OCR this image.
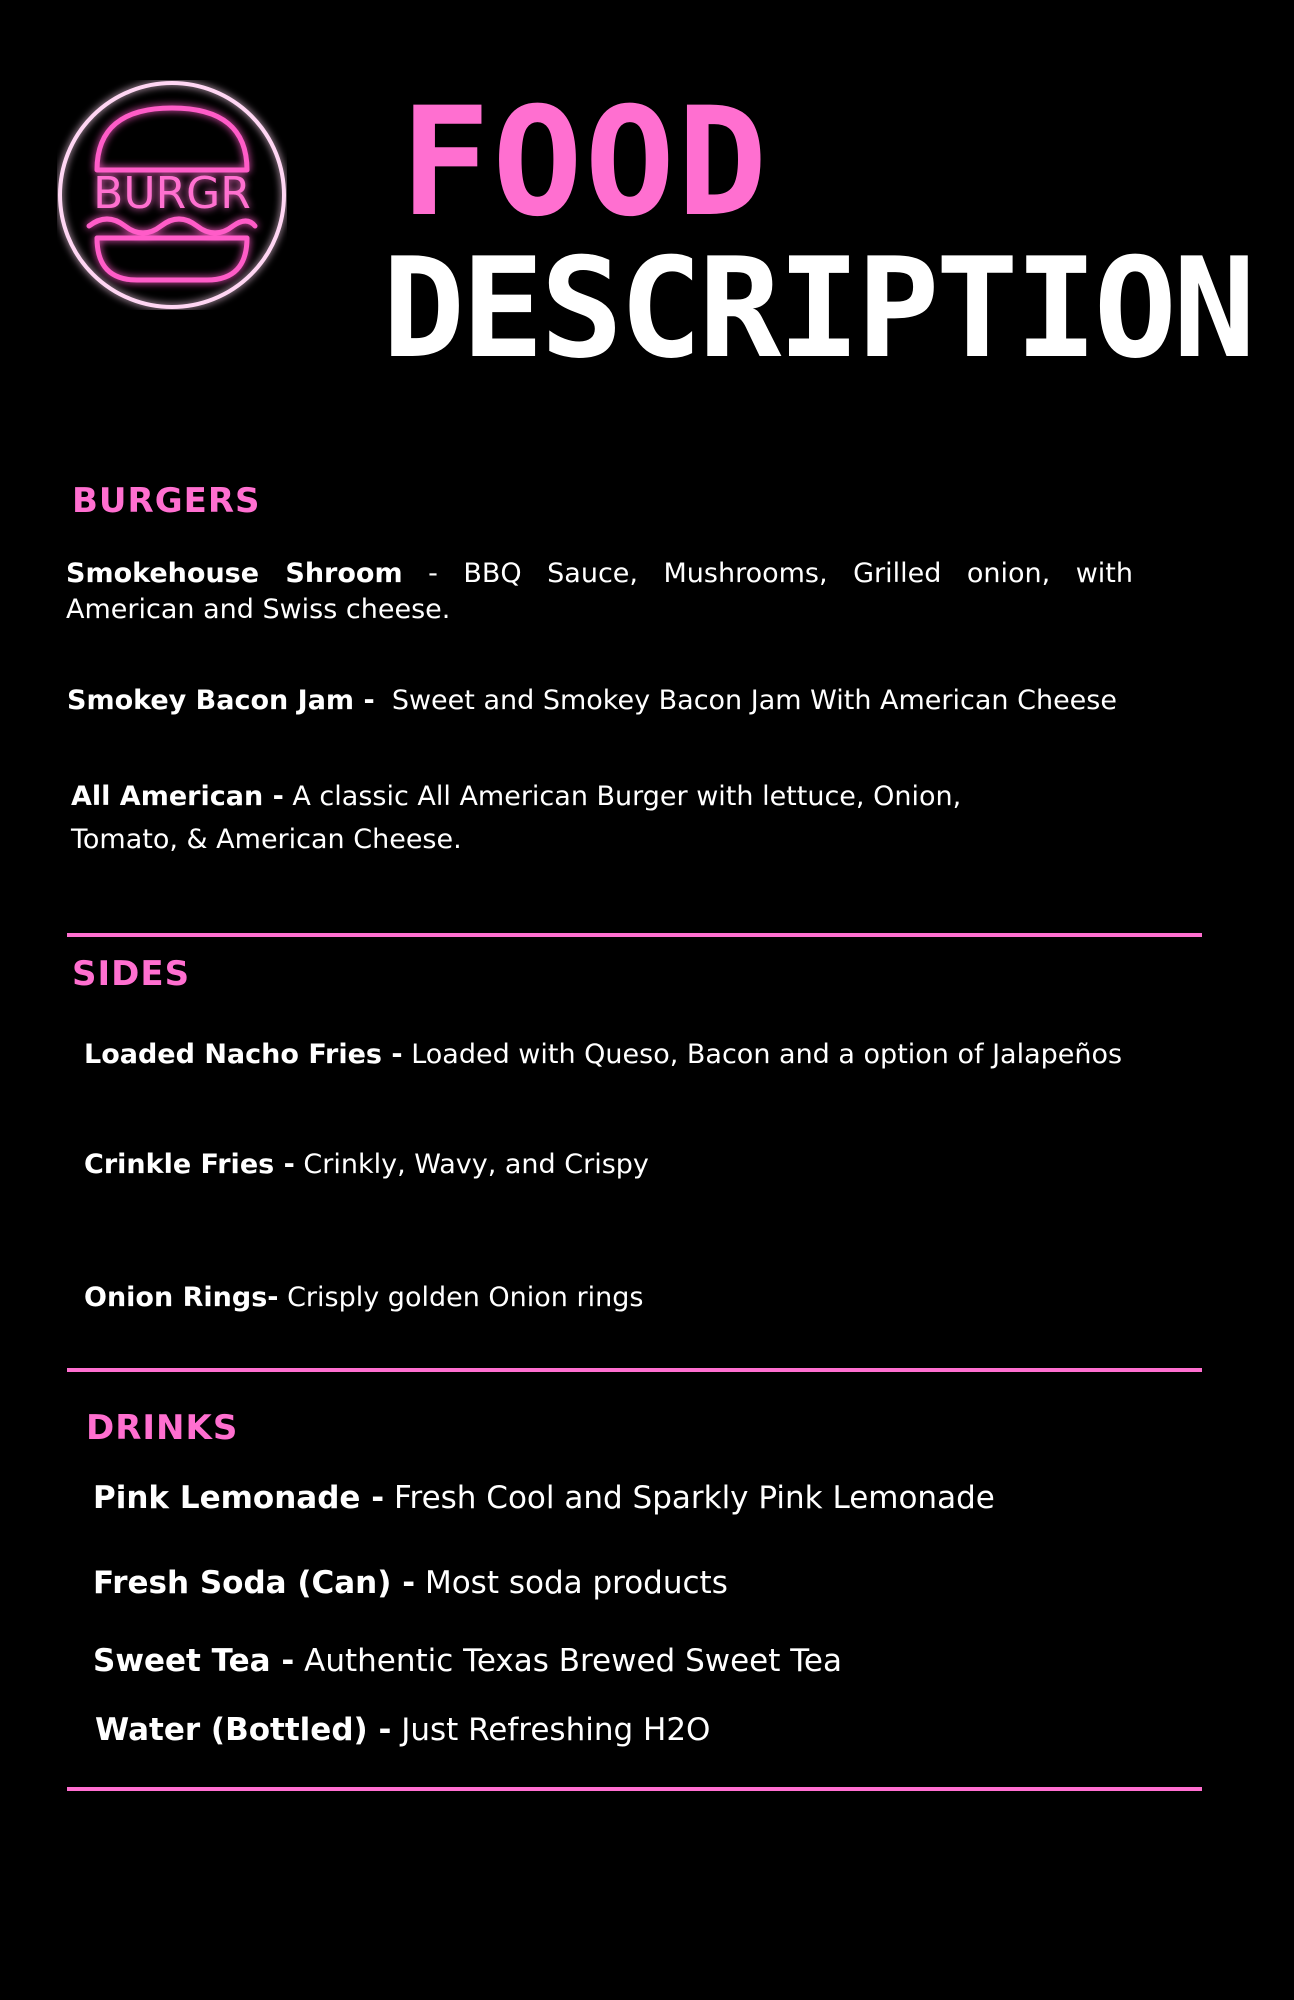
BURGR FOOD
DESCRIPTION
BURGERS
Smokehouse Shroom - BBQ Sauce, Mushrooms, Grilled onion, with American and Swiss cheese.
Smokey Bacon Jam - Sweet and Smokey Bacon Jam With American Cheese
All American - A classic All American Burger with lettuce, Onion,
Tomato, & American Cheese.
SIDES
Loaded Nacho Fries - Loaded with Queso, Bacon and a option of Jalapeños
Crinkle Fries - Crinkly, Wavy, and Crispy
Onion Rings- Crisply golden Onion rings
DRINKS
Pink Lemonade - Fresh Cool and Sparkly Pink Lemonade
Fresh Soda (Can) - Most soda products
Sweet Tea - Authentic Texas Brewed Sweet Tea
Water (Bottled) - Just Refreshing H2O
